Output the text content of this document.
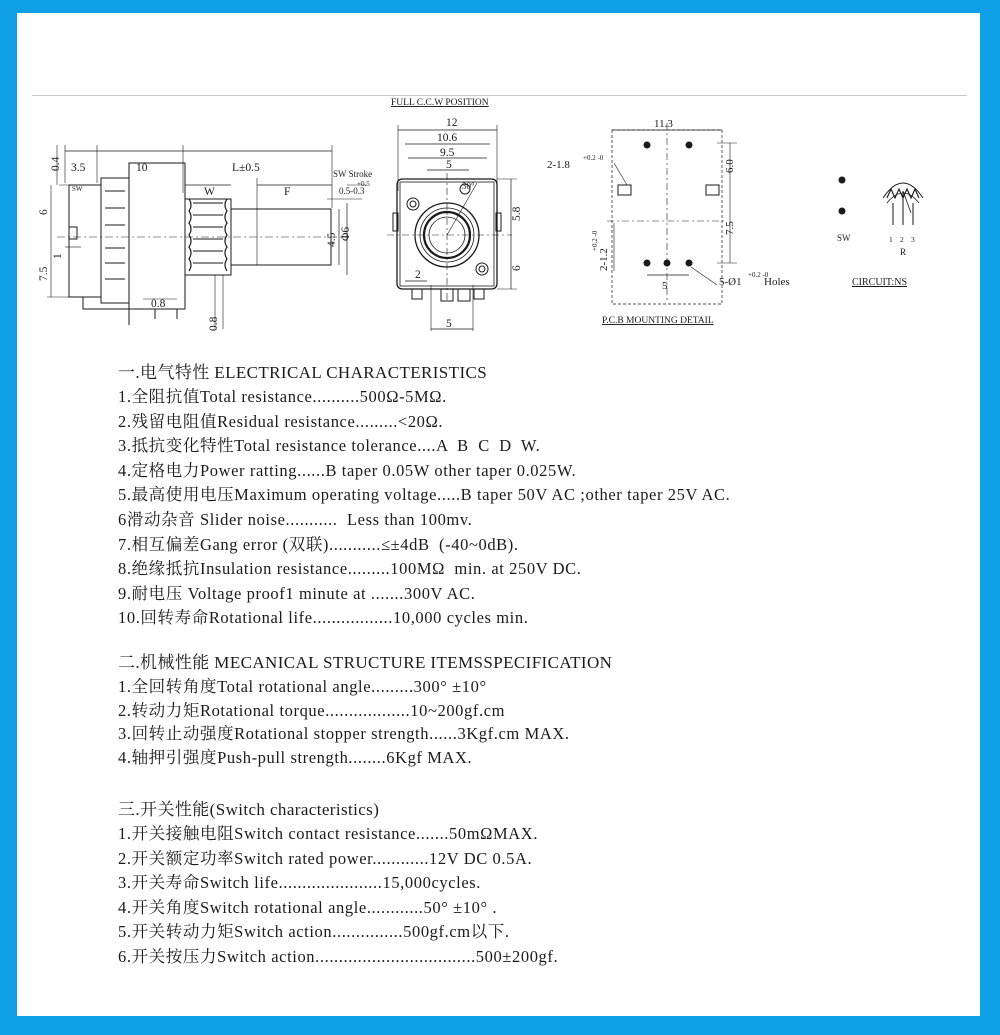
0.4 3.5	10	L±0.5
W	F
SW Stroke
+0.5
0.5-0.3
6
7.5
1
0.8
0.8
4.5 Φ6
SW
FULL C.C.W POSITION
12
10.6
9.5
5
5.8
6
2
5
30°
11.3
6.0
7.5
2-1.8
+0.2 -0
2-1.2
+0.2 -0
5	5-Ø1
+0.2 -0
Holes
P.C.B MOUNTING DETAIL
SW	1 2 3
R
CIRCUIT:NS
一.电气特性 ELECTRICAL CHARACTERISTICS
1.全阻抗值Total resistance..........500Ω-5MΩ.
2.残留电阻值Residual resistance.........<20Ω.
3.抵抗变化特性Total resistance tolerance....A  B  C  D  W.
4.定格电力Power ratting......B taper 0.05W other taper 0.025W.
5.最高使用电压Maximum operating voltage.....B taper 50V AC ;other taper 25V AC.
6滑动杂音 Slider noise...........  Less than 100mv.
7.相互偏差Gang error (双联)...........≤±4dB  (-40~0dB).
8.绝缘抵抗Insulation resistance.........100MΩ  min. at 250V DC.
9.耐电压 Voltage proof1 minute at .......300V AC.
10.回转寿命Rotational life.................10,000 cycles min.
二.机械性能 MECANICAL STRUCTURE ITEMSSPECIFICATION
1.全回转角度Total rotational angle.........300° ±10°
2.转动力矩Rotational torque..................10~200gf.cm
3.回转止动强度Rotational stopper strength......3Kgf.cm MAX.
4.轴押引强度Push-pull strength........6Kgf MAX.
三.开关性能(Switch characteristics)
1.开关接触电阻Switch contact resistance.......50mΩMAX.
2.开关额定功率Switch rated power............12V DC 0.5A.
3.开关寿命Switch life......................15,000cycles.
4.开关角度Switch rotational angle............50° ±10° .
5.开关转动力矩Switch action...............500gf.cm以下.
6.开关按压力Switch action..................................500±200gf.
